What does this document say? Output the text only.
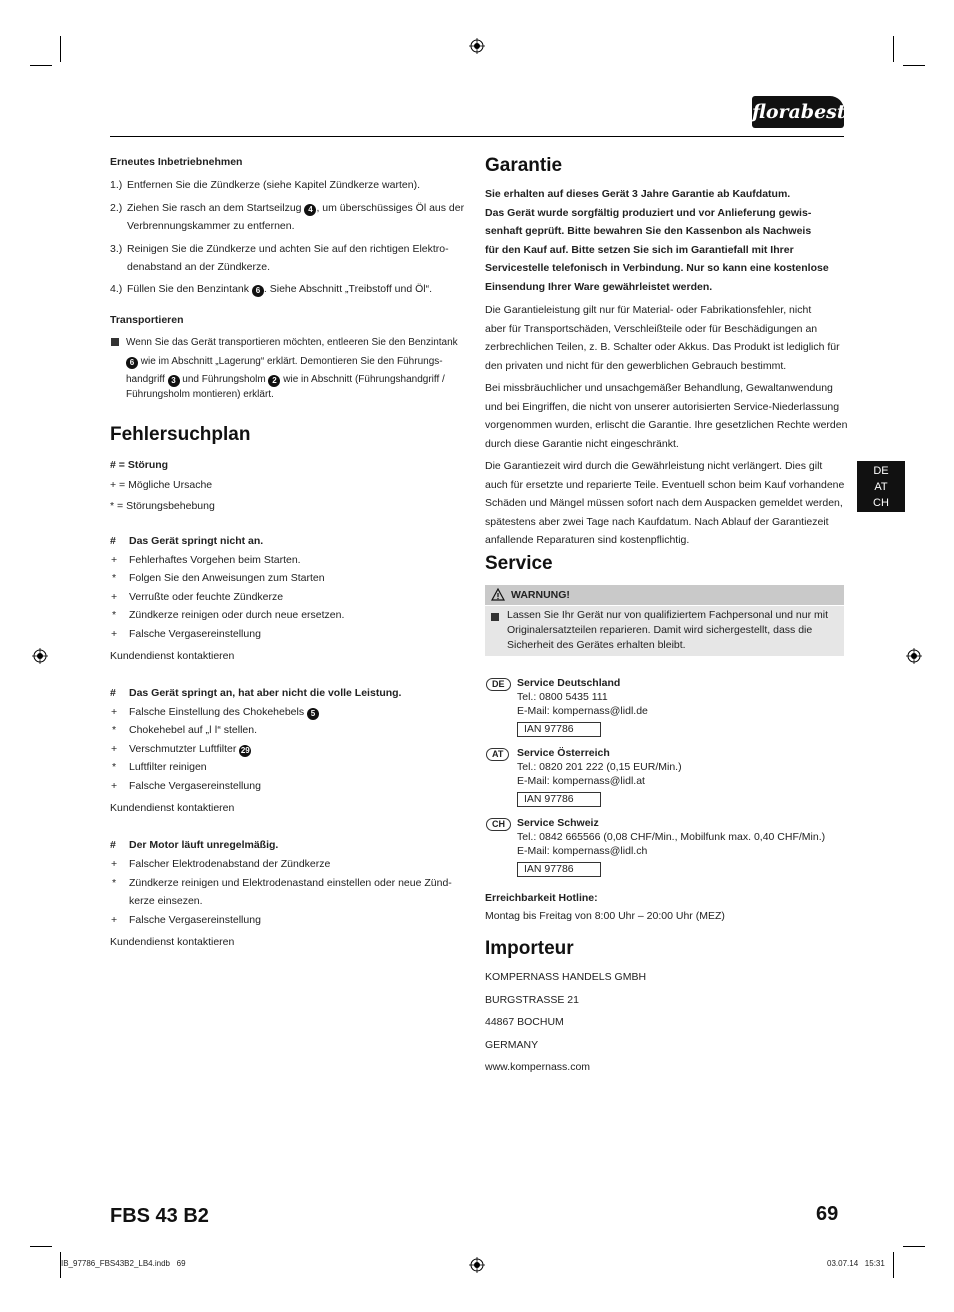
florabest
Erneutes Inbetriebnehmen
1.) Entfernen Sie die Zündkerze (siehe Kapitel Zündkerze warten).
2.) Ziehen Sie rasch an dem Startseilzug 4 , um überschüssiges Öl aus der
Verbrennungskammer zu entfernen.
3.) Reinigen Sie die Zündkerze und achten Sie auf den richtigen Elektro-
denabstand an der Zündkerze.
4.) Füllen Sie den Benzintank 6 . Siehe Abschnitt „Treibstoff und Öl“.
Transportieren
Wenn Sie das Gerät transportieren möchten, entleeren Sie den Benzintank
6 wie im Abschnitt „Lagerung“ erklärt. Demontieren Sie den Führungs-
handgriff 3 und Führungsholm 2 wie in Abschnitt (Führungshandgriff /
Führungsholm montieren) erklärt.
Fehlersuchplan
# = Störung
+ = Mögliche Ursache
* = Störungsbehebung
# Das Gerät springt nicht an.
+ Fehlerhaftes Vorgehen beim Starten.
* Folgen Sie den Anweisungen zum Starten
+ Verrußte oder feuchte Zündkerze
* Zündkerze reinigen oder durch neue ersetzen.
+ Falsche Vergasereinstellung
Kundendienst kontaktieren
# Das Gerät springt an, hat aber nicht die volle Leistung.
+ Falsche Einstellung des Chokehebels 5
* Chokehebel auf „ǀ ǀ“ stellen.
+ Verschmutzter Luftfilter 29
* Luftfilter reinigen
+ Falsche Vergasereinstellung
Kundendienst kontaktieren
# Der Motor läuft unregelmäßig.
+ Falscher Elektrodenabstand der Zündkerze
* Zündkerze reinigen und Elektrodenastand einstellen oder neue Zünd-
kerze einsezen.
+ Falsche Vergasereinstellung
Kundendienst kontaktieren
Garantie
Sie erhalten auf dieses Gerät 3 Jahre Garantie ab Kaufdatum.
Das Gerät wurde sorgfältig produziert und vor Anlieferung gewis-
senhaft geprüft. Bitte bewahren Sie den Kassenbon als Nachweis
für den Kauf auf. Bitte setzen Sie sich im Garantiefall mit Ihrer
Servicestelle telefonisch in Verbindung. Nur so kann eine kostenlose
Einsendung Ihrer Ware gewährleistet werden.
Die Garantieleistung gilt nur für Material- oder Fabrikationsfehler, nicht
aber für Transportschäden, Verschleißteile oder für Beschädigungen an
zerbrechlichen Teilen, z. B. Schalter oder Akkus. Das Produkt ist lediglich für
den privaten und nicht für den gewerblichen Gebrauch bestimmt.
Bei missbräuchlicher und unsachgemäßer Behandlung, Gewaltanwendung
und bei Eingriffen, die nicht von unserer autorisierten Service-Niederlassung
vorgenommen wurden, erlischt die Garantie. Ihre gesetzlichen Rechte werden
durch diese Garantie nicht eingeschränkt.
Die Garantiezeit wird durch die Gewährleistung nicht verlängert. Dies gilt
auch für ersetzte und reparierte Teile. Eventuell schon beim Kauf vorhandene
Schäden und Mängel müssen sofort nach dem Auspacken gemeldet werden,
spätestens aber zwei Tage nach Kaufdatum. Nach Ablauf der Garantiezeit
anfallende Reparaturen sind kostenpflichtig.
Service
WARNUNG!
Lassen Sie Ihr Gerät nur von qualifiziertem Fachpersonal und nur mit
Originalersatzteilen reparieren. Damit wird sichergestellt, dass die
Sicherheit des Gerätes erhalten bleibt.
DE	Service Deutschland
Tel.: 0800 5435 111
E-Mail: kompernass@lidl.de
IAN 97786
AT	Service Österreich
Tel.: 0820 201 222 (0,15 EUR/Min.)
E-Mail: kompernass@lidl.at
IAN 97786
CH	Service Schweiz
Tel.: 0842 665566 (0,08 CHF/Min., Mobilfunk max. 0,40 CHF/Min.)
E-Mail: kompernass@lidl.ch
IAN 97786
Erreichbarkeit Hotline:
Montag bis Freitag von 8:00 Uhr – 20:00 Uhr (MEZ)
Importeur
KOMPERNASS HANDELS GMBH
BURGSTRASSE 21
44867 BOCHUM
GERMANY
www.kompernass.com
DE
AT
CH
FBS 43 B2	69
IB_97786_FBS43B2_LB4.indb   69	03.07.14   15:31
